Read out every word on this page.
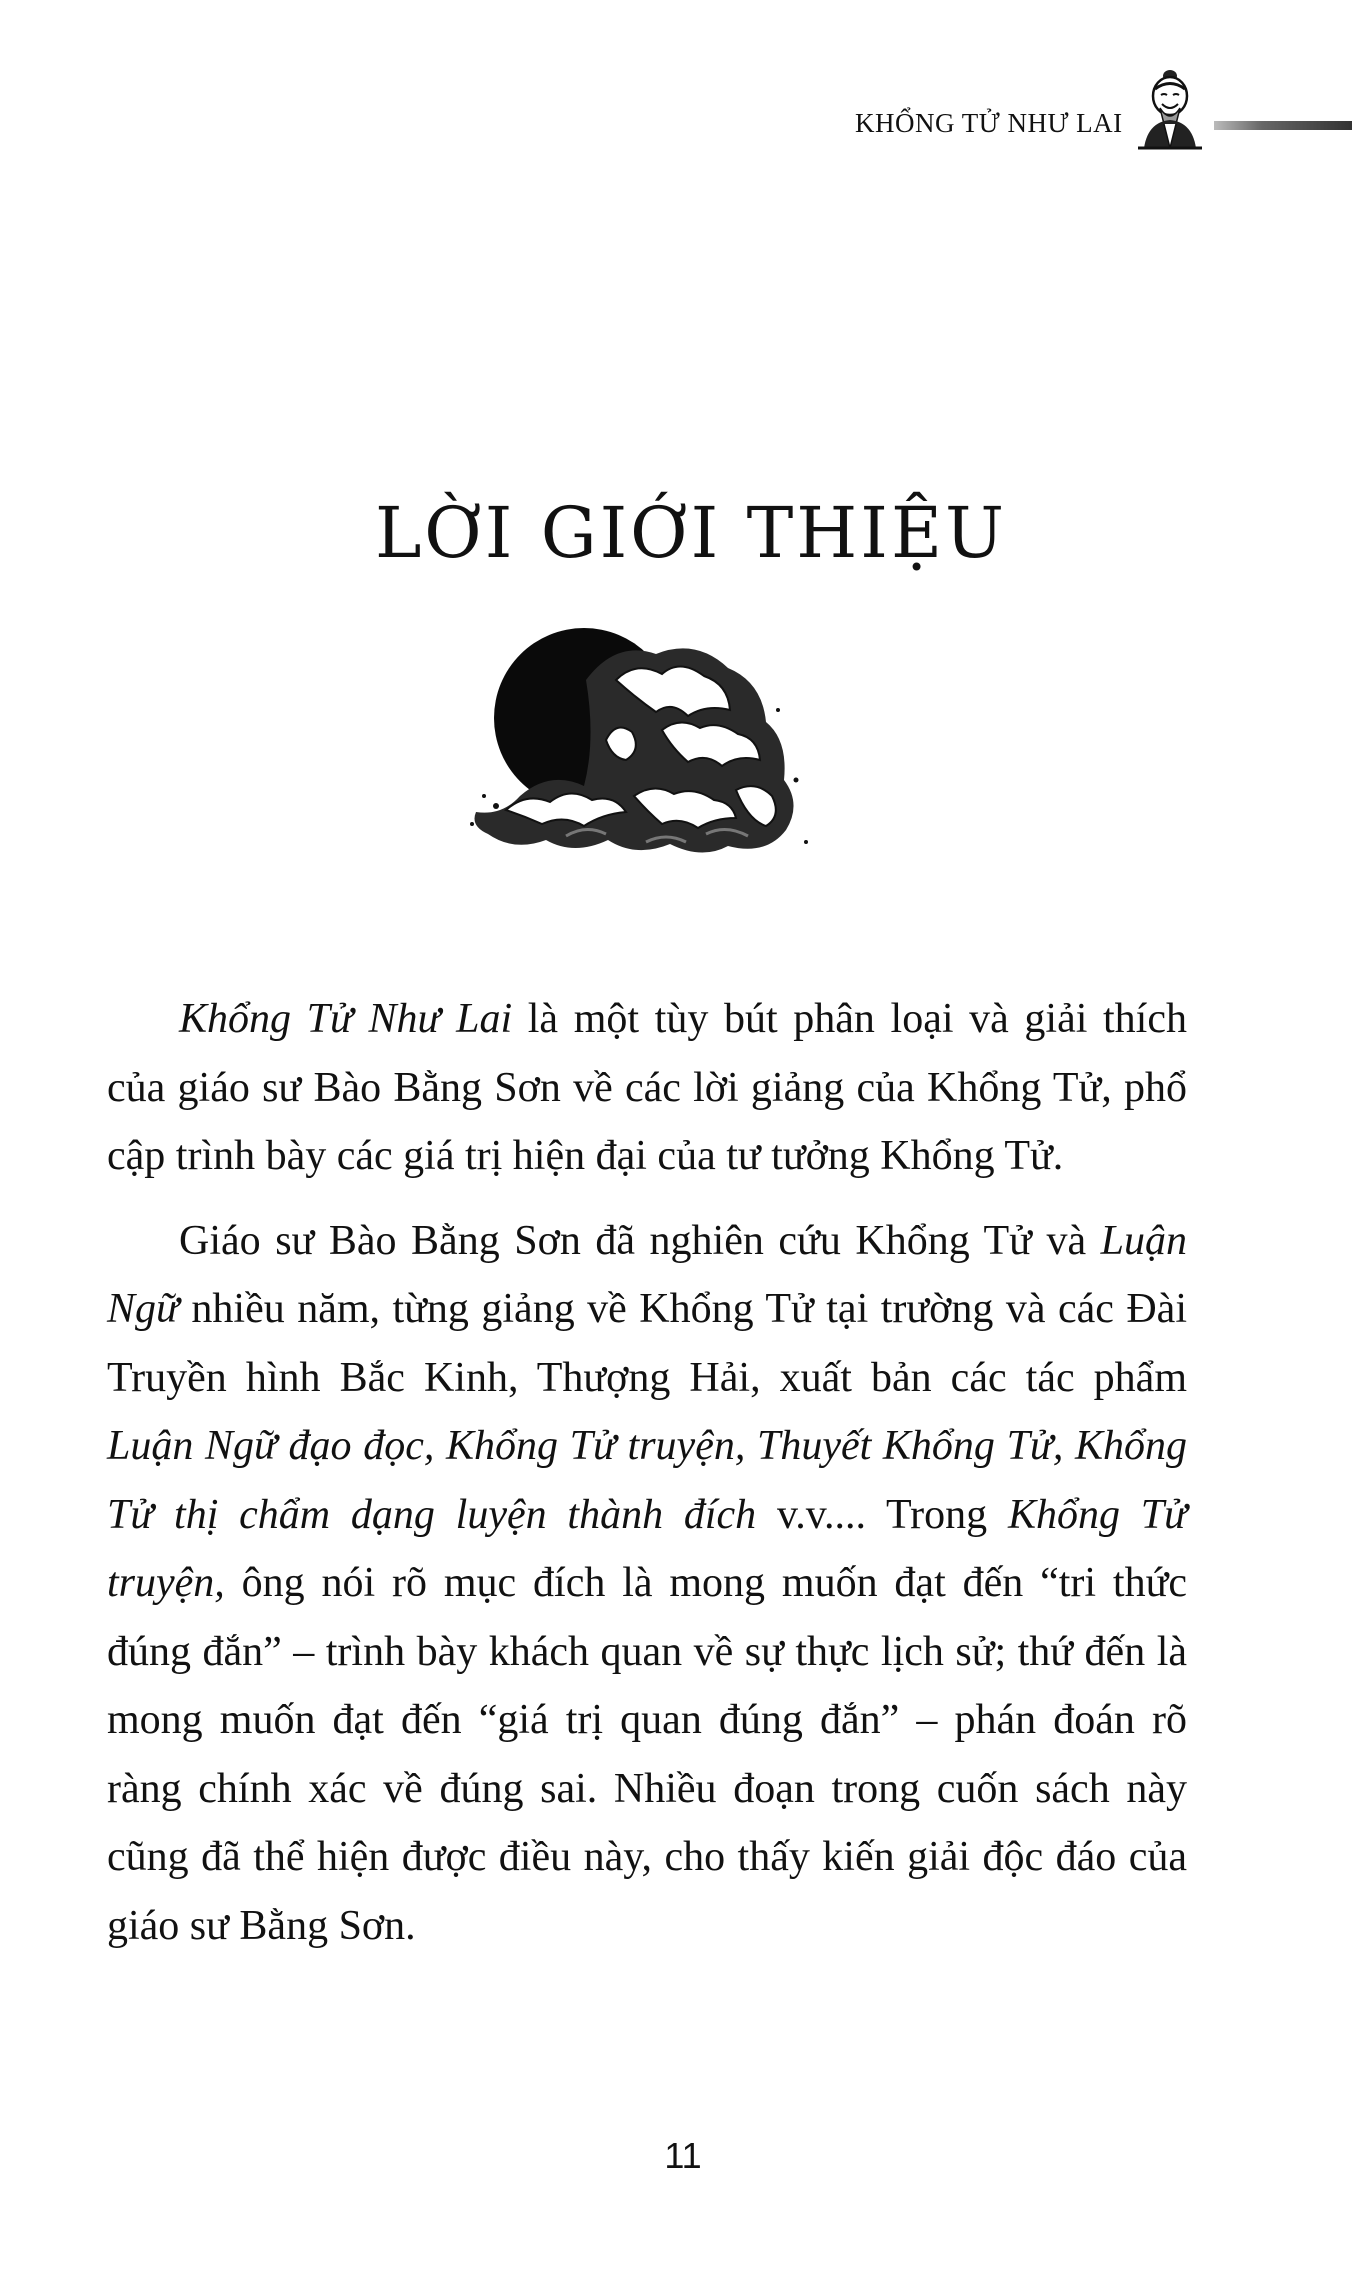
KHỔNG TỬ NHƯ LAI
LỜI GIỚI THIỆU

Khổng Tử Như Lai là một tùy bút phân loại và giải thích của giáo sư Bào Bằng Sơn về các lời giảng của Khổng Tử, phổ cập trình bày các giá trị hiện đại của tư tưởng Khổng Tử.

Giáo sư Bào Bằng Sơn đã nghiên cứu Khổng Tử và Luận Ngữ nhiều năm, từng giảng về Khổng Tử tại trường và các Đài Truyền hình Bắc Kinh, Thượng Hải, xuất bản các tác phẩm Luận Ngữ đạo đọc, Khổng Tử truyện, Thuyết Khổng Tử, Khổng Tử thị chẩm dạng luyện thành đích v.v.... Trong Khổng Tử truyện, ông nói rõ mục đích là mong muốn đạt đến “tri thức đúng đắn” – trình bày khách quan về sự thực lịch sử; thứ đến là mong muốn đạt đến “giá trị quan đúng đắn” – phán đoán rõ ràng chính xác về đúng sai. Nhiều đoạn trong cuốn sách này cũng đã thể hiện được điều này, cho thấy kiến giải độc đáo của giáo sư Bằng Sơn.

11
